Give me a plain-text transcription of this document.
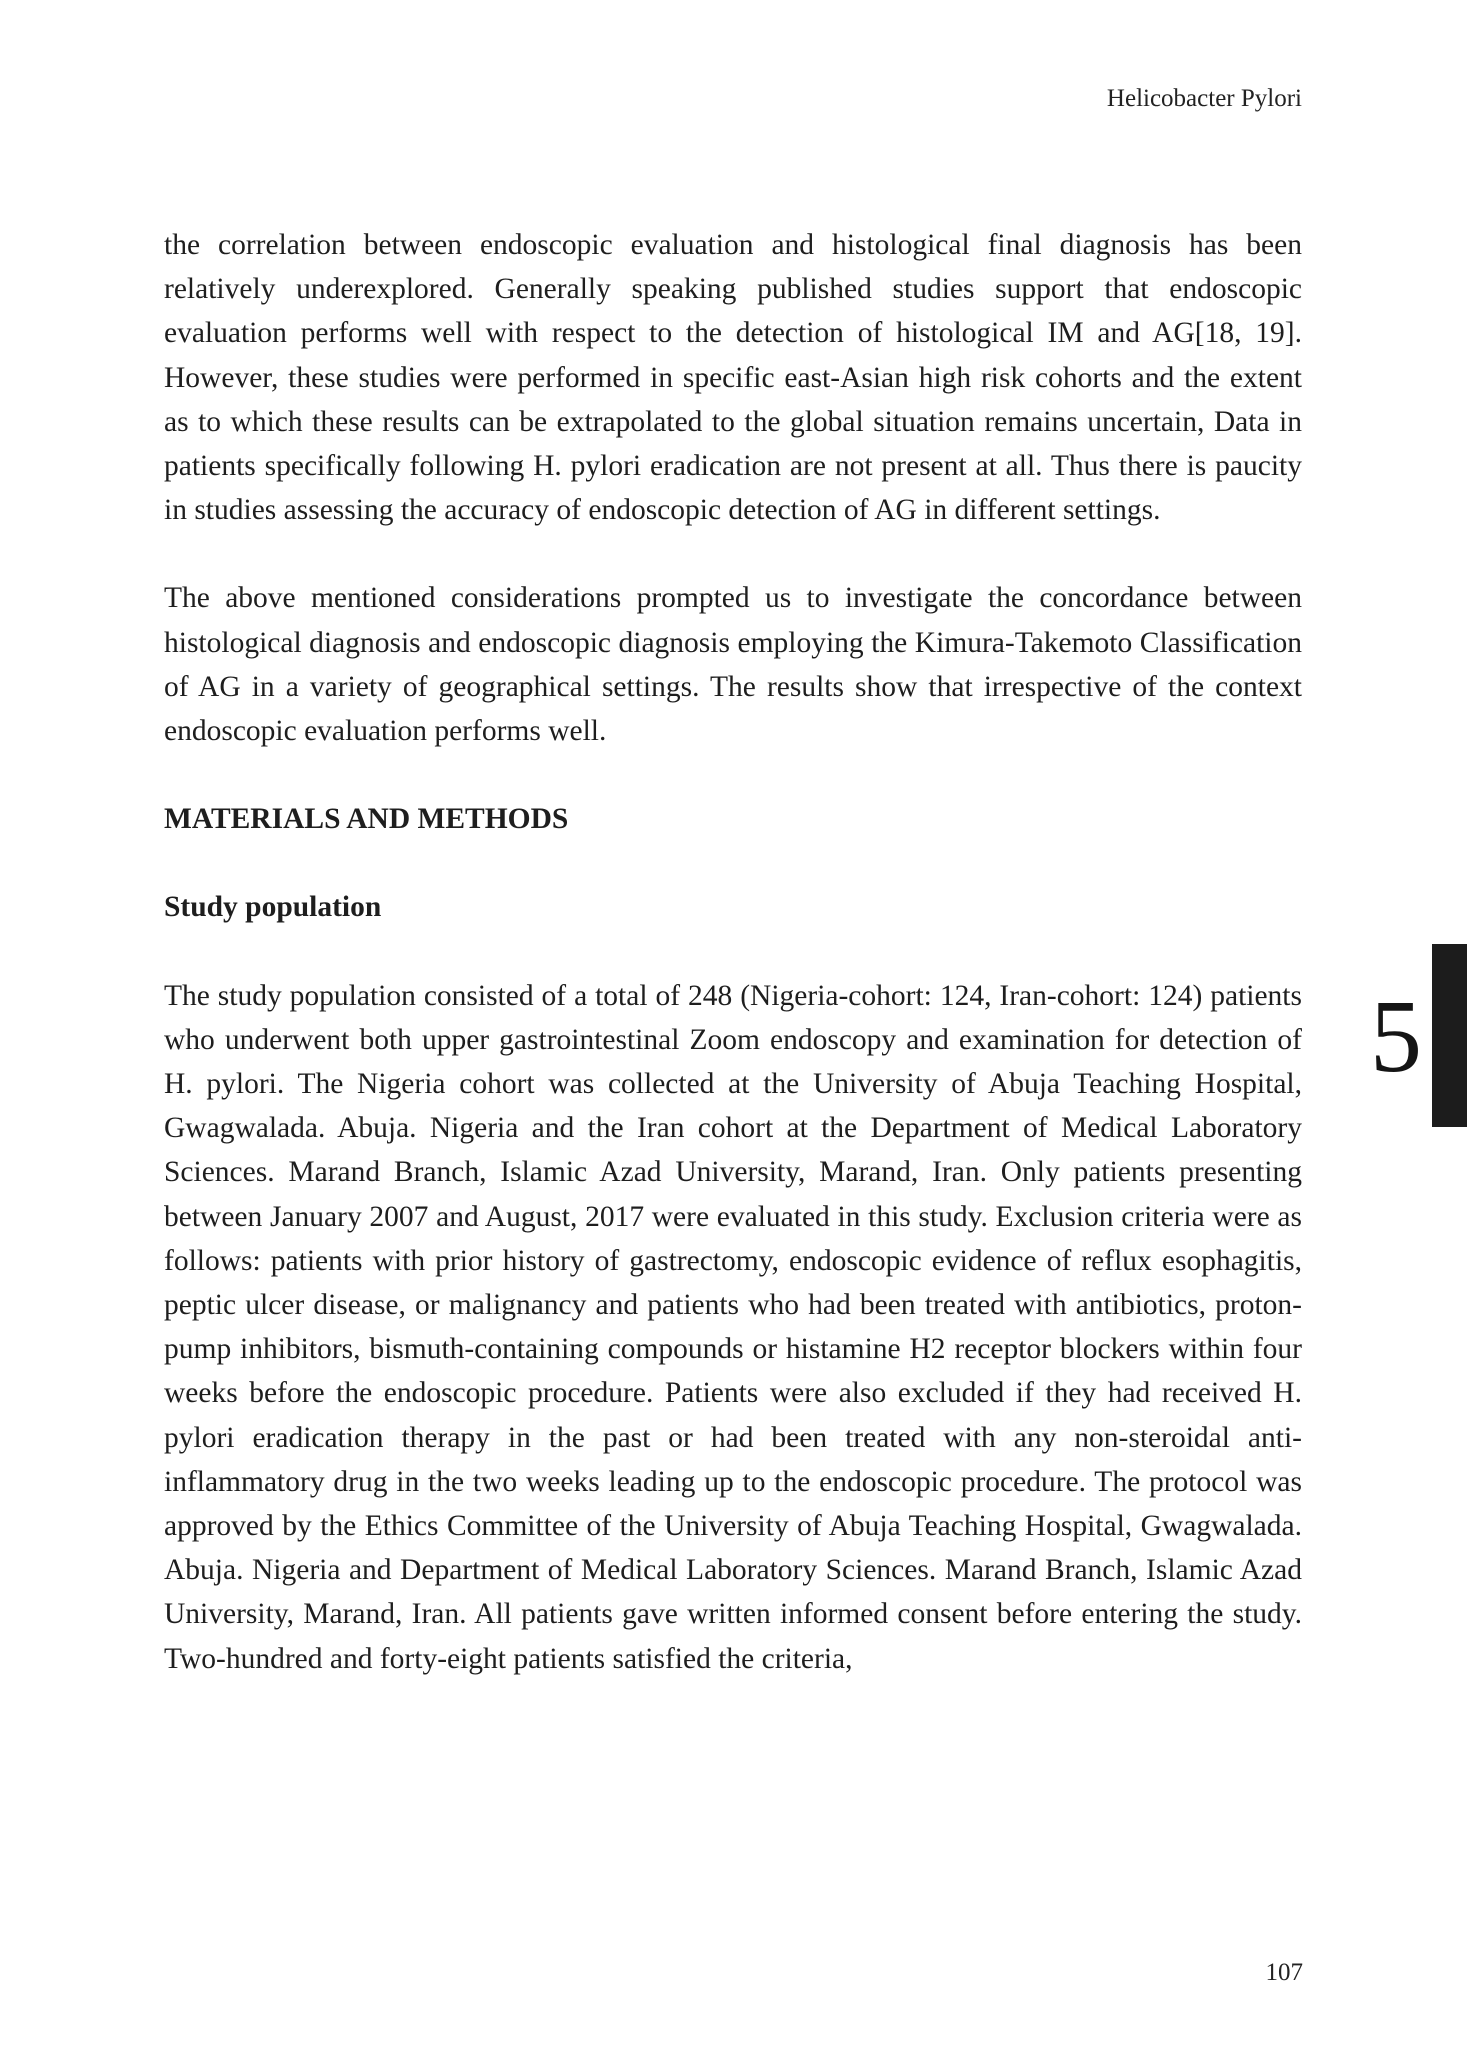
Helicobacter Pylori

the correlation between endoscopic evaluation and histological final diagnosis has been relatively underexplored. Generally speaking published studies support that endoscopic evaluation performs well with respect to the detection of histological IM and AG[18, 19]. However, these studies were performed in specific east-Asian high risk cohorts and the extent as to which these results can be extrapolated to the global situation remains uncertain, Data in patients specifically following H. pylori eradication are not present at all. Thus there is paucity in studies assessing the accuracy of endoscopic detection of AG in different settings.

The above mentioned considerations prompted us to investigate the concordance between histological diagnosis and endoscopic diagnosis employing the Kimura-Takemoto Classification of AG in a variety of geographical settings. The results show that irrespective of the context endoscopic evaluation performs well.

MATERIALS AND METHODS
Study population

The study population consisted of a total of 248 (Nigeria-cohort: 124, Iran-cohort: 124) patients who underwent both upper gastrointestinal Zoom endoscopy and examination for detection of H. pylori. The Nigeria cohort was collected at the University of Abuja Teaching Hospital, Gwagwalada. Abuja. Nigeria and the Iran cohort at the Department of Medical Laboratory Sciences. Marand Branch, Islamic Azad University, Marand, Iran. Only patients presenting between January 2007 and August, 2017 were evaluated in this study. Exclusion criteria were as follows: patients with prior history of gastrectomy, endoscopic evidence of reflux esophagitis, peptic ulcer disease, or malignancy and patients who had been treated with antibiotics, proton-pump inhibitors, bismuth-containing compounds or histamine H2 receptor blockers within four weeks before the endoscopic procedure. Patients were also excluded if they had received H. pylori eradication therapy in the past or had been treated with any non-steroidal anti-inflammatory drug in the two weeks leading up to the endoscopic procedure. The protocol was approved by the Ethics Committee of the University of Abuja Teaching Hospital, Gwagwalada. Abuja. Nigeria and Department of Medical Laboratory Sciences. Marand Branch, Islamic Azad University, Marand, Iran. All patients gave written informed consent before entering the study. Two-hundred and forty-eight patients satisfied the criteria,

5
107
